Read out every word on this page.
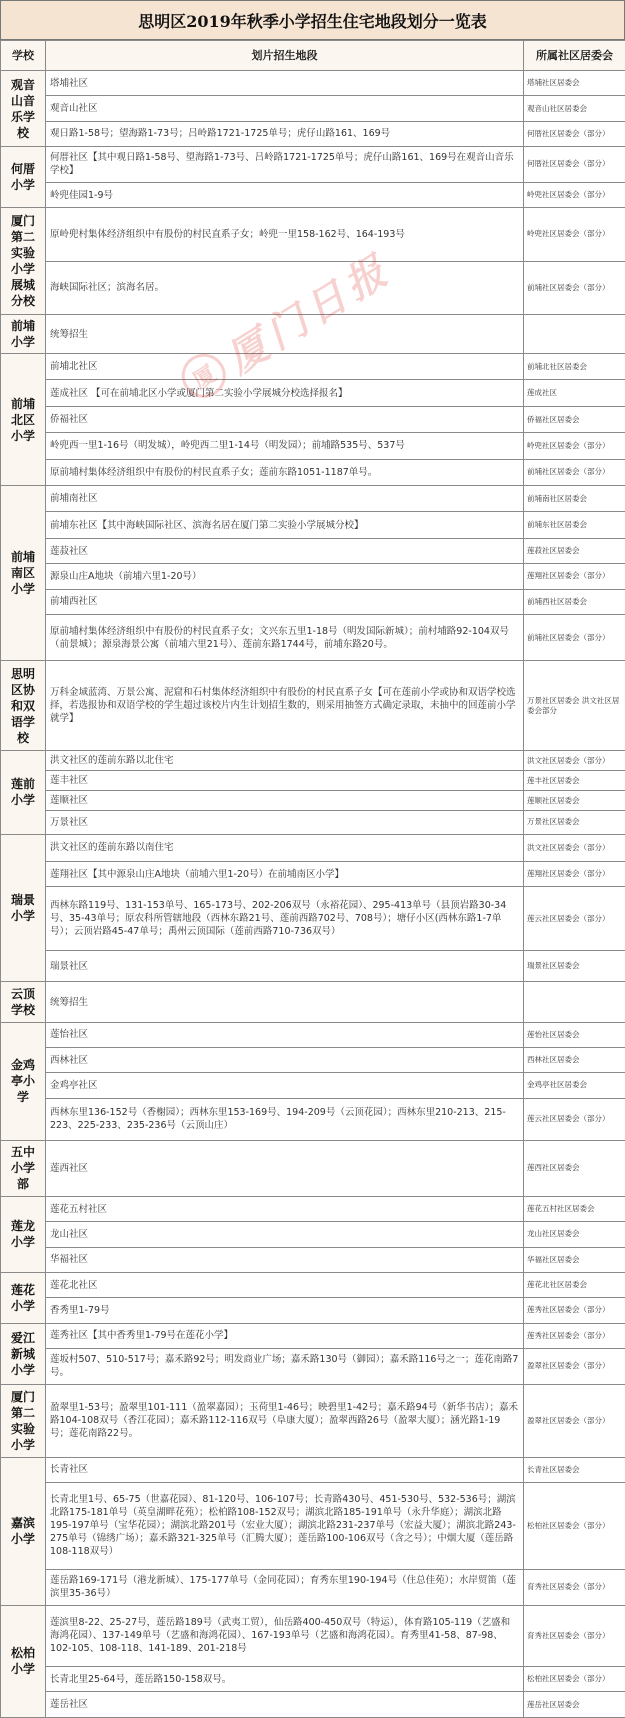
思明区2019年秋季小学招生住宅地段划分一览表
学校	划片招生地段	所属社区居委会
观音山音乐学校	塔埔社区	塔埔社区居委会
	观音山社区	观音山社区居委会
	观日路1-58号；望海路1-73号；吕岭路1721-1725单号；虎仔山路161、169号	何厝社区居委会（部分）
何厝小学	何厝社区【其中观日路1-58号、望海路1-73号、吕岭路1721-1725单号；虎仔山路161、169号在观音山音乐学校】	何厝社区居委会（部分）
	岭兜佳园1-9号	岭兜社区居委会（部分）
厦门第二实验小学展城分校	原岭兜村集体经济组织中有股份的村民直系子女；岭兜一里158-162号、164-193号	岭兜社区居委会（部分）
	海峡国际社区；滨海名居。	前埔社区居委会（部分）
前埔小学	统筹招生	
前埔北区小学	前埔北社区	前埔北社区居委会
	莲成社区 【可在前埔北区小学或厦门第二实验小学展城分校选择报名】	莲成社区
	侨福社区	侨福社区居委会
	岭兜西一里1-16号（明发城），岭兜西二里1-14号（明发园）；前埔路535号、537号	岭兜社区居委会（部分）
	原前埔村集体经济组织中有股份的村民直系子女；莲前东路1051-1187单号。	前埔社区居委会（部分）
前埔南区小学	前埔南社区	前埔南社区居委会
	前埔东社区【其中海峡国际社区、滨海名居在厦门第二实验小学展城分校】	前埔东社区居委会
	莲菽社区	莲菽社区居委会
	源泉山庄A地块（前埔六里1-20号）	莲翔社区居委会（部分）
	前埔西社区	前埔西社区居委会
	原前埔村集体经济组织中有股份的村民直系子女；文兴东五里1-18号（明发国际新城）；前村埔路92-104双号（前景城）；源泉海景公寓（前埔六里21号）、莲前东路1744号，前埔东路20号。	前埔社区居委会（部分）
思明区协和双语学校	万科金域蓝湾、万景公寓、泥窟和石村集体经济组织中有股份的村民直系子女【可在莲前小学或协和双语学校选择，若选报协和双语学校的学生超过该校片内生计划招生数的，则采用抽签方式确定录取，未抽中的回莲前小学就学】	万景社区居委会 洪文社区居委会部分
莲前小学	洪文社区的莲前东路以北住宅	洪文社区居委会（部分）
	莲丰社区	莲丰社区居委会
	莲顺社区	莲顺社区居委会
	万景社区	万景社区居委会
瑞景小学	洪文社区的莲前东路以南住宅	洪文社区居委会（部分）
	莲翔社区【其中源泉山庄A地块（前埔六里1-20号）在前埔南区小学】	莲翔社区居委会（部分）
	西林东路119号、131-153单号、165-173号、202-206双号（永裕花园）、295-413单号（县顶岩路30-34号、35-43单号；原农科所管辖地段（西林东路21号、莲前西路702号、708号）；塘仔小区(西林东路1-7单号）；云顶岩路45-47单号；禹州云顶国际（莲前西路710-736双号）	莲云社区居委会（部分）
	瑞景社区	瑞景社区居委会
云顶学校	统筹招生	
金鸡亭小学	莲怡社区	莲怡社区居委会
	西林社区	西林社区居委会
	金鸡亭社区	金鸡亭社区居委会
	西林东里136-152号（香榭园）；西林东里153-169号、194-209号（云顶花园）；西林东里210-213、215-223、225-233、235-236号（云顶山庄）	莲云社区居委会（部分）
五中小学部	莲西社区	莲西社区居委会
莲龙小学	莲花五村社区	莲花五村社区居委会
	龙山社区	龙山社区居委会
	华福社区	华福社区居委会
莲花小学	莲花北社区	莲花北社区居委会
	香秀里1-79号	莲秀社区居委会（部分）
爱江新城小学	莲秀社区【其中香秀里1-79号在莲花小学】	莲秀社区居委会（部分）
	莲坂村507、510-517号；嘉禾路92号；明发商业广场；嘉禾路130号（御园）；嘉禾路116号之一；莲花南路7号。	盈翠社区居委会（部分）
厦门第二实验小学	盈翠里1-53号；盈翠里101-111（盈翠嘉园）；玉荷里1-46号；映碧里1-42号；嘉禾路94号（新华书店）；嘉禾路104-108双号（香江花园）；嘉禾路112-116双号（阜康大厦）；盈翠西路26号（盈翠大厦）；涵光路1-19号；莲花南路22号。	盈翠社区居委会（部分）
嘉滨小学	长青社区	长青社区居委会
	长青北里1号、65-75（世嘉花园）、81-120号、106-107号；长青路430号、451-530号、532-536号；湖滨北路175-181单号（英皇湖畔花苑）；松柏路108-152双号；湖滨北路185-191单号（永升华庭）；湖滨北路195-197单号（宝华花园）；湖滨北路201号（宏业大厦）；湖滨北路231-237单号（宏益大厦）；湖滨北路243-275单号（锦绣广场）；嘉禾路321-325单号（汇腾大厦）；莲岳路100-106双号（含之号）；中烟大厦（莲岳路108-118双号）	松柏社区居委会（部分）
	莲岳路169-171号（港龙新城）、175-177单号（金同花园）；育秀东里190-194号（住总佳苑）；水岸贸笛（莲滨里35-36号）	育秀社区居委会（部分）
松柏小学	莲滨里8-22、25-27号，莲岳路189号（武夷工贸），仙岳路400-450双号（特运），体育路105-119（艺盛和海鸿花园）、137-149单号（艺盛和海鸿花园）、167-193单号（艺盛和海鸿花园）。育秀里41-58、87-98、102-105、108-118、141-189、201-218号	育秀社区居委会（部分）
	长青北里25-64号，莲岳路150-158双号。	松柏社区居委会（部分）
	莲岳社区	莲岳社区居委会
厦
厦门日报
